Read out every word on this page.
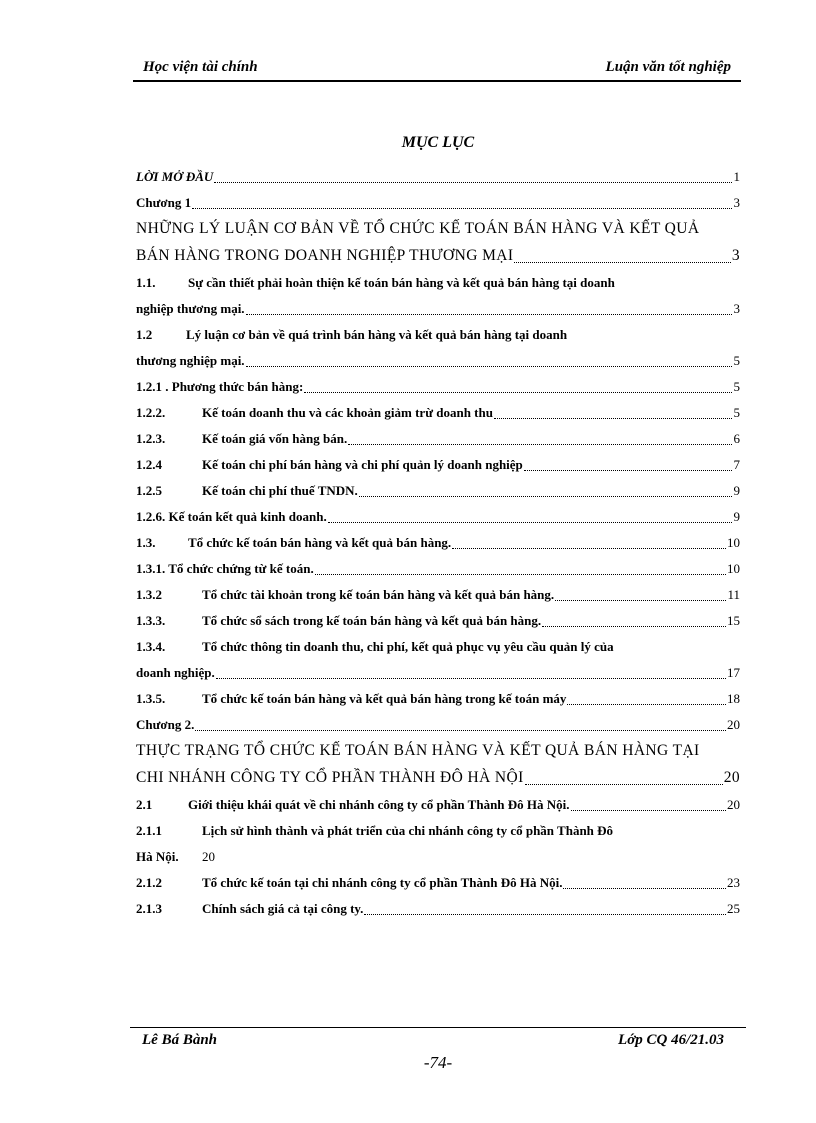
Học viện tài chính	Luận văn tốt nghiệp
MỤC LỤC
LỜI MỞ ĐẦU	1
Chương 1	3
NHỮNG LÝ LUẬN CƠ BẢN VỀ TỔ CHỨC KẾ TOÁN BÁN HÀNG VÀ KẾT QUẢ
BÁN HÀNG TRONG DOANH NGHIỆP THƯƠNG MẠI	3
1.1.	Sự cần thiết phải hoàn thiện kế toán bán hàng và kết quả bán hàng tại doanh
nghiệp thương mại.	3
1.2	Lý luận cơ bản về quá trình bán hàng và kết quả bán hàng tại doanh
thương nghiệp mại.	5
1.2.1 . Phương thức bán hàng:	5
1.2.2.	Kế toán doanh thu và các khoản giảm trừ doanh thu	5
1.2.3.	Kế toán giá vốn hàng bán.	6
1.2.4	Kế toán chi phí bán hàng và chi phí quản lý doanh nghiệp	7
1.2.5	Kế toán chi phí thuế TNDN.	9
1.2.6. Kế toán kết quả kinh doanh.	9
1.3.	Tổ chức kế toán bán hàng và kết quả bán hàng.	10
1.3.1. Tổ chức chứng từ kế toán.	10
1.3.2	Tổ chức tài khoản trong kế toán bán hàng và kết quả bán hàng.	11
1.3.3.	Tổ chức sổ sách trong kế toán bán hàng và kết quả bán hàng.	15
1.3.4.	Tổ chức thông tin doanh thu, chi phí, kết quả phục vụ yêu cầu quản lý của
doanh nghiệp.	17
1.3.5.	Tổ chức kế toán bán hàng và kết quả bán hàng trong kế toán máy	18
Chương 2.	20
THỰC TRẠNG TỔ CHỨC KẾ TOÁN BÁN HÀNG VÀ KẾT QUẢ BÁN HÀNG TẠI
CHI NHÁNH CÔNG TY CỔ PHẦN THÀNH ĐÔ HÀ NỘI	20
2.1	Giới thiệu khái quát về chi nhánh công ty cổ phần Thành Đô Hà Nội.	20
2.1.1	Lịch sử hình thành và phát triển của chi nhánh công ty cổ phần Thành Đô
Hà Nội. 20
2.1.2	Tổ chức kế toán tại chi nhánh công ty cổ phần Thành Đô Hà Nội.	23
2.1.3	Chính sách giá cả tại công ty.	25
Lê Bá Bành	Lớp CQ 46/21.03
-74-
